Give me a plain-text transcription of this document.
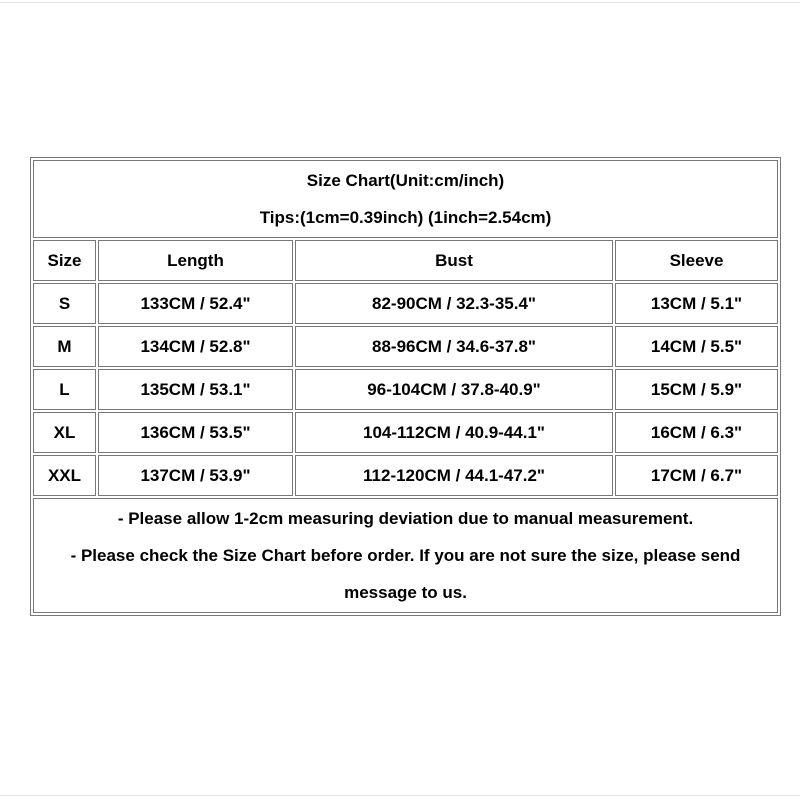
Size Chart(Unit:cm/inch)
Tips:(1cm=0.39inch) (1inch=2.54cm)			

Size	Length	Bust	Sleeve
S	133CM / 52.4"	82-90CM / 32.3-35.4"	13CM / 5.1"
M	134CM / 52.8"	88-96CM / 34.6-37.8"	14CM / 5.5"
L	135CM / 53.1"	96-104CM / 37.8-40.9"	15CM / 5.9"
XL	136CM / 53.5"	104-112CM / 40.9-44.1"	16CM / 6.3"
XXL	137CM / 53.9"	112-120CM / 44.1-47.2"	17CM / 6.7"

- Please allow 1-2cm measuring deviation due to manual measurement.
- Please check the Size Chart before order. If you are not sure the size, please send message to us.			
